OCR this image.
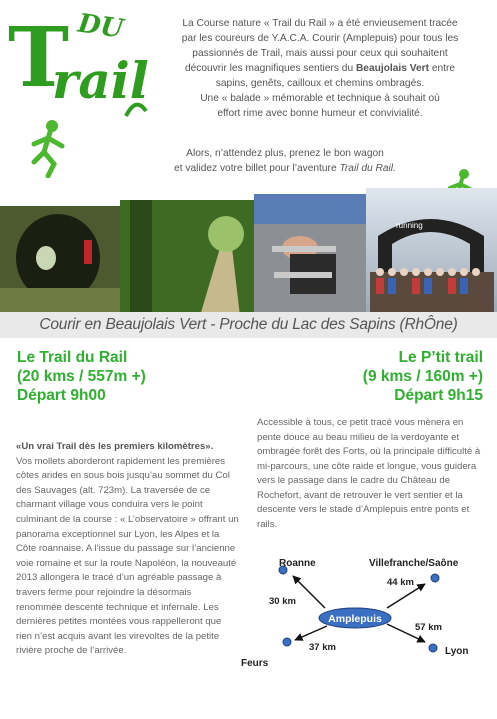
T DU
rail
La Course nature « Trail du Rail » a été envieusement tracée
par les coureurs de Y.A.C.A. Courir (Amplepuis) pour tous les
passionnés de Trail, mais aussi pour ceux qui souhaitent
découvrir les magnifiques sentiers du Beaujolais Vert entre
sapins, genêts, cailloux et chemins ombragés.
Une « balade » mémorable et technique à souhait où
effort rime avec bonne humeur et convivialité.
Alors, n’attendez plus, prenez le bon wagon
et validez votre billet pour l’aventure Trail du Rail.
running
Courir en Beaujolais Vert - Proche du Lac des Sapins (RhÔne)
Le Trail du Rail
(20 kms / 557m +)
Départ 9h00
Le P’tit trail
(9 kms / 160m +)
Départ 9h15
Accessible à tous, ce petit tracé vous mènera en pente douce au beau milieu de la verdoyante et ombragée forêt des Forts, où la principale difficulté à mi-parcours, une côte raide et longue, vous guidera vers le passage dans le cadre du Château de Rochefort, avant de retrouver le vert sentier et la descente vers le stade d’Amplepuis entre ponts et rails.

«Un vrai Trail dès les premiers kilomètres».

Vos mollets aborderont rapidement les premières côtes arides en sous bois jusqu’au sommet du Col des Sauvages (alt. 723m). La traversée de ce charmant village vous conduira vers le point culminant de la course : « L’observatoire » offrant un panorama exceptionnel sur Lyon, les Alpes et la Côte roannaise. A l’issue du passage sur l’ancienne voie romaine et sur la route Napoléon, la nouveauté 2013 allongera le tracé d’un agréable passage à travers ferme pour rejoindre la désormais renommée descente technique et infernale. Les dernières petites montées vous rappelleront que rien n’est acquis avant les virevoltes de la petite rivière proche de l’arrivée.

Amplepuis
Roanne	Villefranche/Saône
Feurs
Lyon
30 km
44 km
37 km
57 km
